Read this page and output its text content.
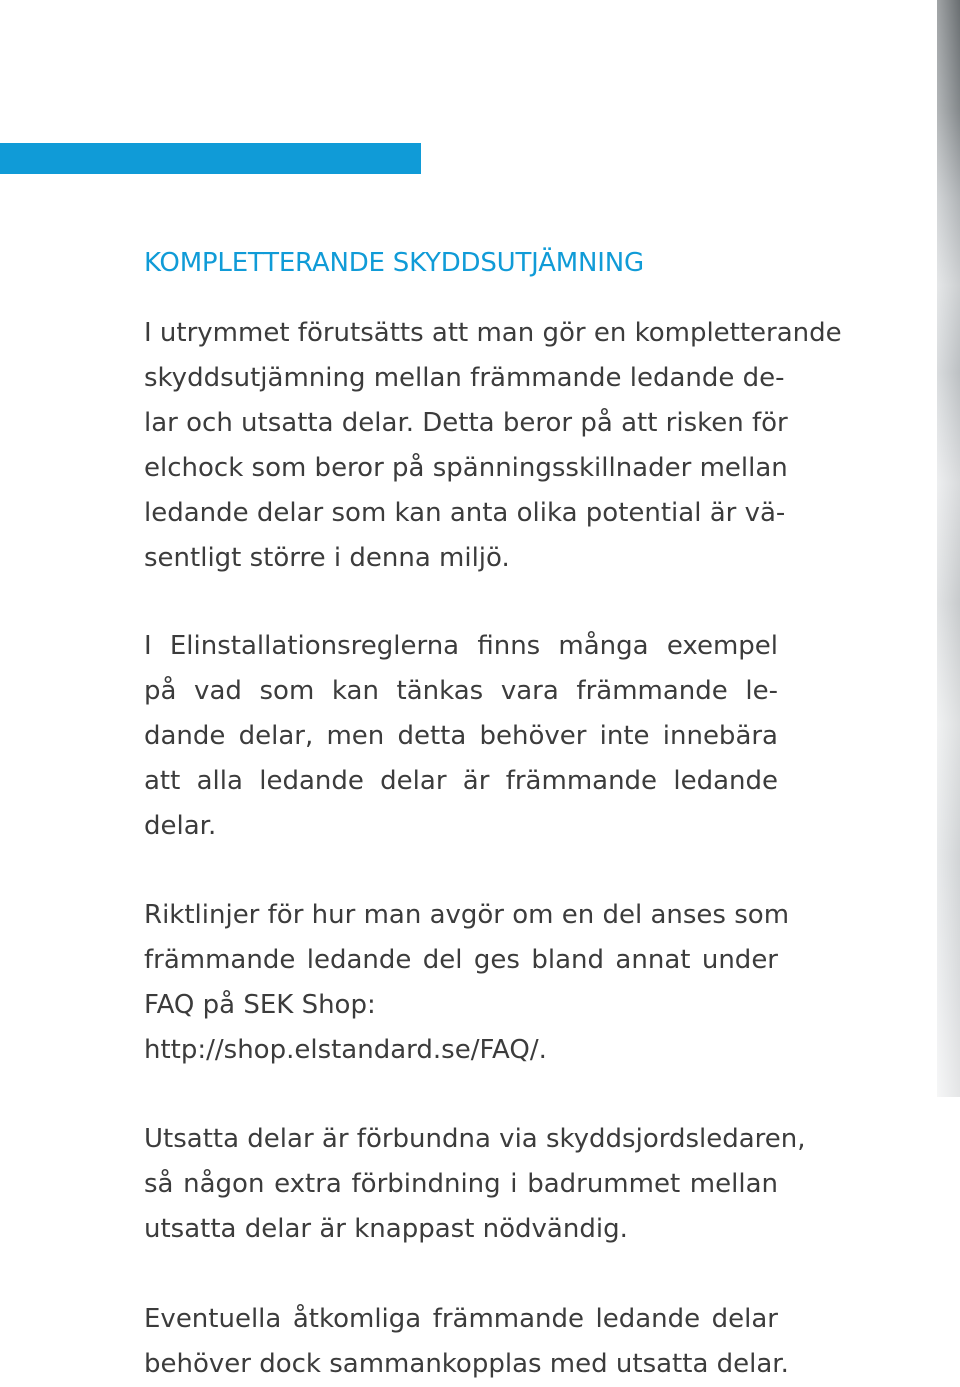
KOMPLETTERANDE SKYDDSUTJÄMNING

I utrymmet förutsätts att man gör en kompletterande
skyddsutjämning mellan främmande ledande de-
lar och utsatta delar. Detta beror på att risken för
elchock som beror på spänningsskillnader mellan
ledande delar som kan anta olika potential är vä-
sentligt större i denna miljö.

I Elinstallationsreglerna finns många exempel
på vad som kan tänkas vara främmande le-
dande delar, men detta behöver inte innebära
att alla ledande delar är främmande ledande
delar.

Riktlinjer för hur man avgör om en del anses som
främmande ledande del ges bland annat under
FAQ på SEK Shop:
http://shop.elstandard.se/FAQ/.

Utsatta delar är förbundna via skyddsjordsledaren,
så någon extra förbindning i badrummet mellan
utsatta delar är knappast nödvändig.

Eventuella åtkomliga främmande ledande delar
behöver dock sammankopplas med utsatta delar.
